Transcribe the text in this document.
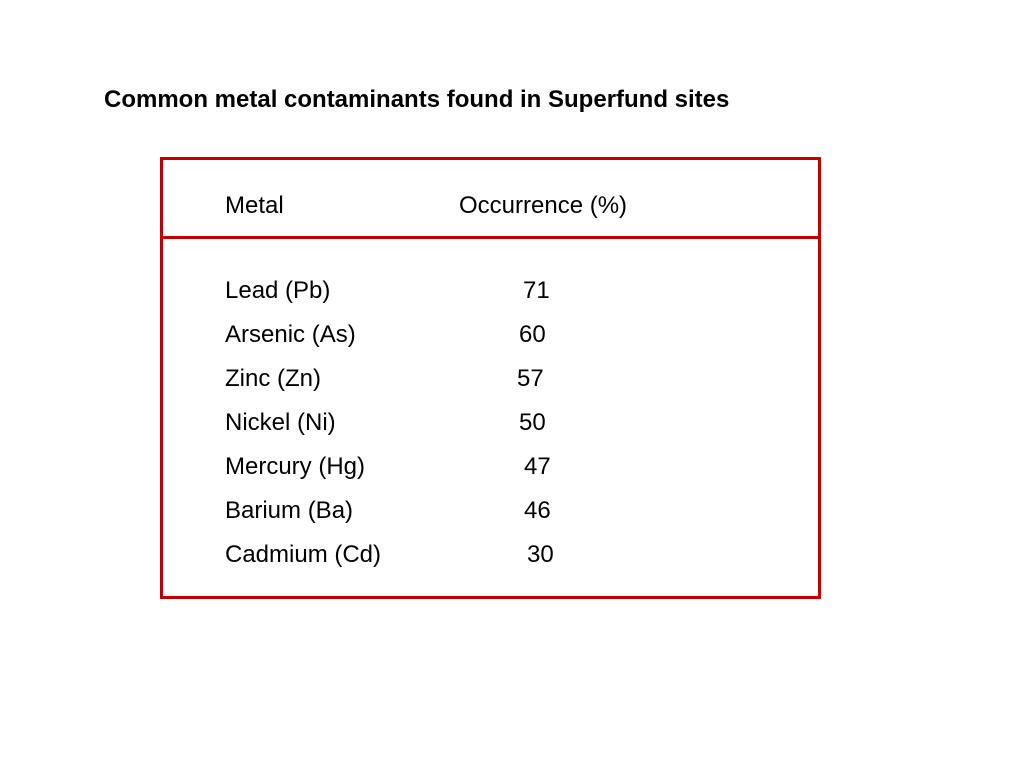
Common metal contaminants found in Superfund sites
Metal	Occurrence (%)
Lead (Pb)	71
Arsenic (As)	60
Zinc (Zn)	57
Nickel (Ni)	50
Mercury (Hg)	47
Barium (Ba)	46
Cadmium (Cd)	30
